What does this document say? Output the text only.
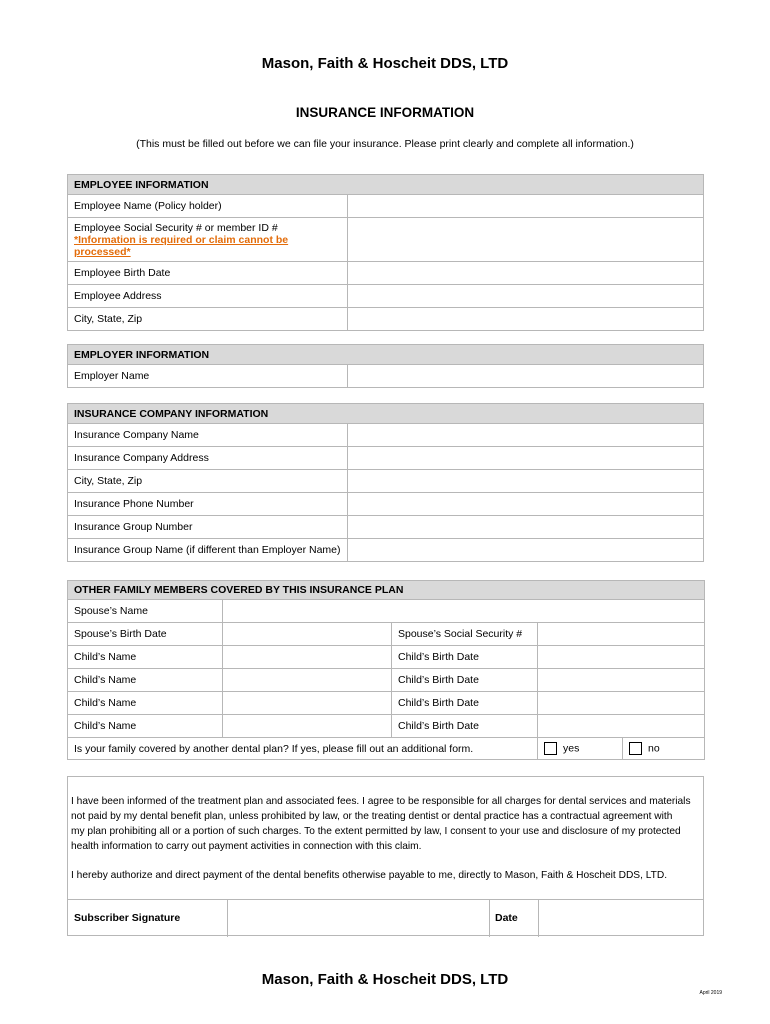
Mason, Faith & Hoscheit DDS, LTD
INSURANCE INFORMATION
(This must be filled out before we can file your insurance. Please print clearly and complete all information.)
EMPLOYEE INFORMATION	
Employee Name (Policy holder)	

Employee Social Security # or member ID #
*Information is required or claim cannot be processed*	

Employee Birth Date	
Employee Address	
City, State, Zip	
EMPLOYER INFORMATION
Employer Name	
INSURANCE COMPANY INFORMATION	
Insurance Company Name	
Insurance Company Address	
City, State, Zip	
Insurance Phone Number	
Insurance Group Number	
Insurance Group Name (if different than Employer Name)	
OTHER FAMILY MEMBERS COVERED BY THIS INSURANCE PLAN				
Spouse’s Name				
Spouse’s Birth Date		Spouse’s Social Security #		
Child’s Name		Child’s Birth Date		
Child’s Name		Child’s Birth Date		
Child’s Name		Child’s Birth Date		
Child’s Name		Child’s Birth Date		
Is your family covered by another dental plan? If yes, please fill out an additional form.			yes	no

I have been informed of the treatment plan and associated fees. I agree to be responsible for all charges for dental services and materials

not paid by my dental benefit plan, unless prohibited by law, or the treating dentist or dental practice has a contractual agreement with

my plan prohibiting all or a portion of such charges. To the extent permitted by law, I consent to your use and disclosure of my protected

health information to carry out payment activities in connection with this claim.

I hereby authorize and direct payment of the dental benefits otherwise payable to me, directly to Mason, Faith & Hoscheit DDS, LTD.

Subscriber Signature	Date
Mason, Faith & Hoscheit DDS, LTD
April 2019
